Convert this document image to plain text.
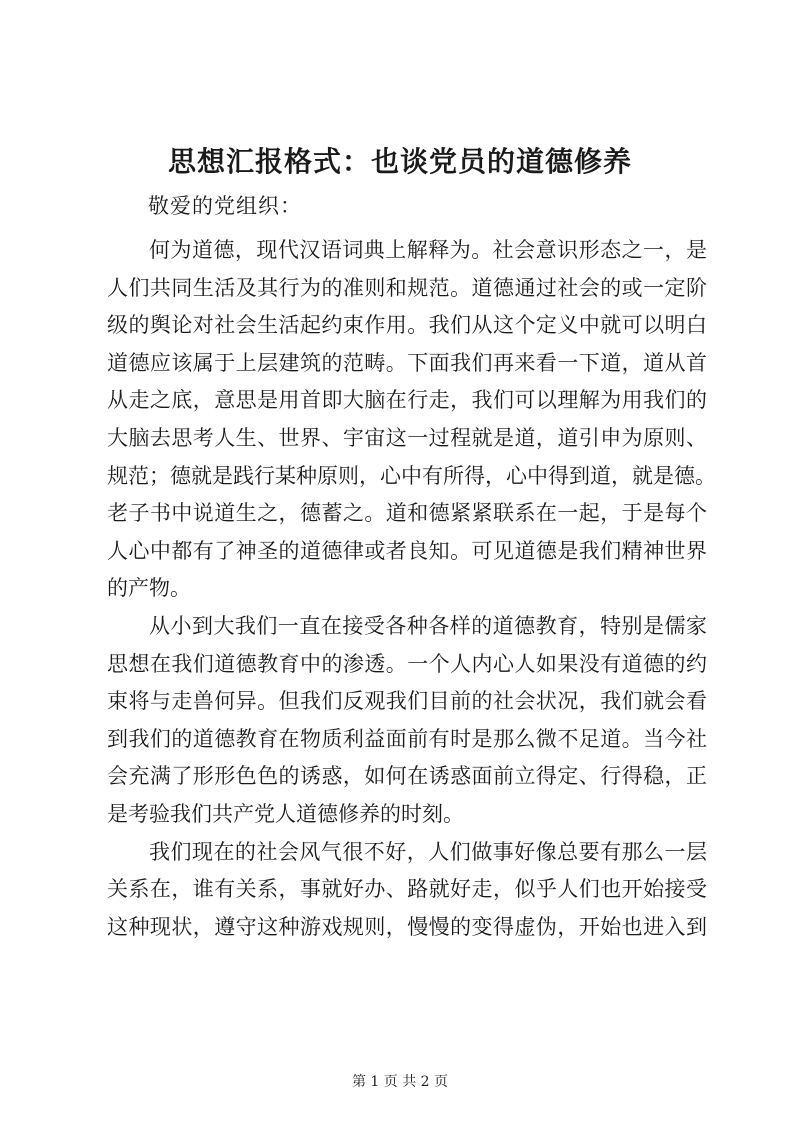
思想汇报格式：也谈党员的道德修养

敬爱的党组织：

何为道德，现代汉语词典上解释为。社会意识形态之一，是
人们共同生活及其行为的准则和规范。道德通过社会的或一定阶
级的舆论对社会生活起约束作用。我们从这个定义中就可以明白
道德应该属于上层建筑的范畴。下面我们再来看一下道，道从首
从走之底，意思是用首即大脑在行走，我们可以理解为用我们的
大脑去思考人生、世界、宇宙这一过程就是道，道引申为原则、
规范；德就是践行某种原则，心中有所得，心中得到道，就是德。
老子书中说道生之，德蓄之。道和德紧紧联系在一起，于是每个
人心中都有了神圣的道德律或者良知。可见道德是我们精神世界
的产物。
从小到大我们一直在接受各种各样的道德教育，特别是儒家
思想在我们道德教育中的渗透。一个人内心人如果没有道德的约
束将与走兽何异。但我们反观我们目前的社会状况，我们就会看
到我们的道德教育在物质利益面前有时是那么微不足道。当今社
会充满了形形色色的诱惑，如何在诱惑面前立得定、行得稳，正
是考验我们共产党人道德修养的时刻。
我们现在的社会风气很不好，人们做事好像总要有那么一层
关系在，谁有关系，事就好办、路就好走，似乎人们也开始接受
这种现状，遵守这种游戏规则，慢慢的变得虚伪，开始也进入到
第 1 页 共 2 页
